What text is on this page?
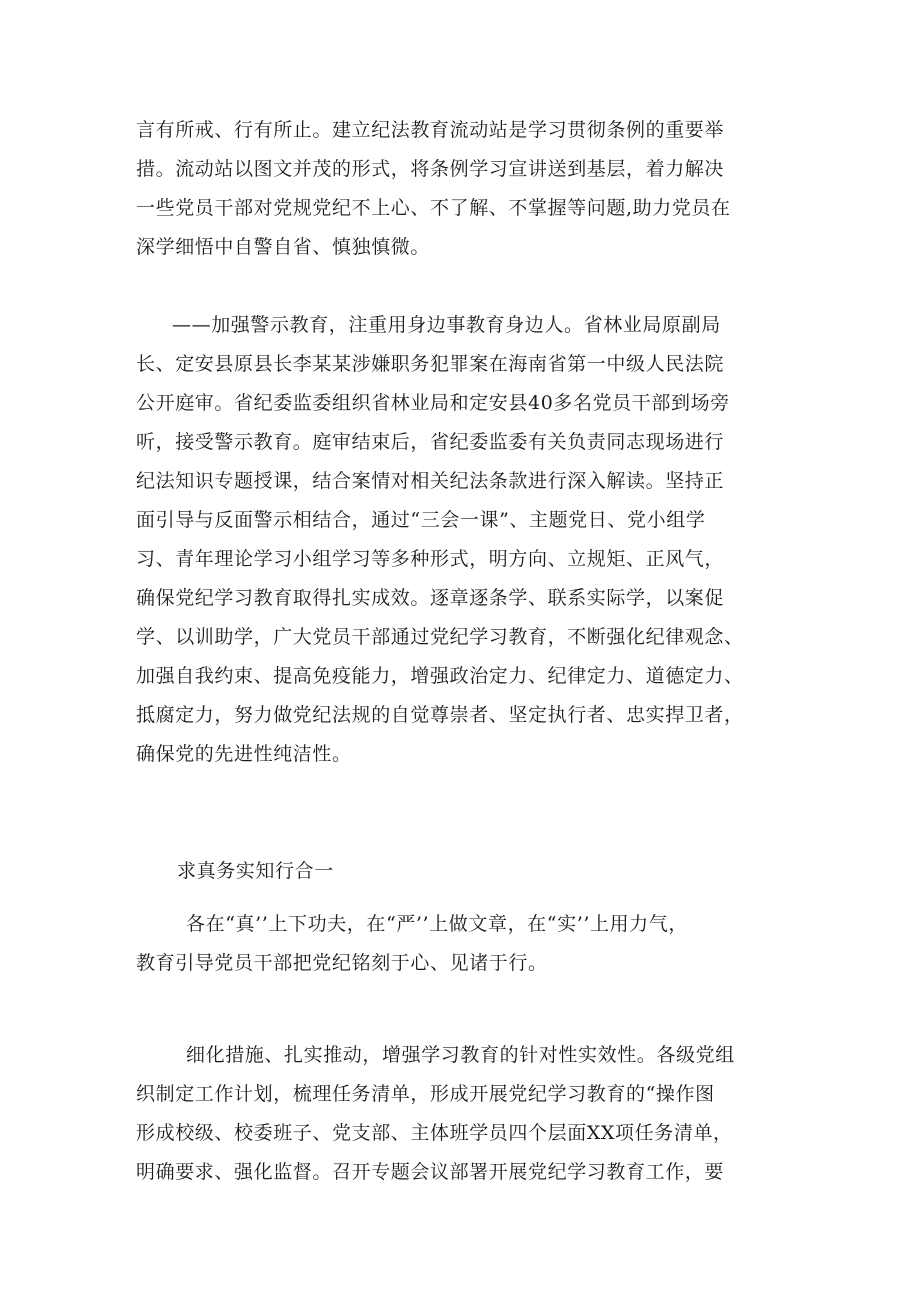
言有所戒、行有所止。建立纪法教育流动站是学习贯彻条例的重要举
措。流动站以图文并茂的形式，将条例学习宣讲送到基层，着力解决
一些党员干部对党规党纪不上心、不了解、不掌握等问题,助力党员在
深学细悟中自警自省、慎独慎微。
——加强警示教育，注重用身边事教育身边人。省林业局原副局
长、定安县原县长李某某涉嫌职务犯罪案在海南省第一中级人民法院
公开庭审。省纪委监委组织省林业局和定安县40多名党员干部到场旁
听，接受警示教育。庭审结束后，省纪委监委有关负责同志现场进行
纪法知识专题授课，结合案情对相关纪法条款进行深入解读。坚持正
面引导与反面警示相结合，通过“三会一课”、主题党日、党小组学
习、青年理论学习小组学习等多种形式，明方向、立规矩、正风气，
确保党纪学习教育取得扎实成效。逐章逐条学、联系实际学，以案促
学、以训助学，广大党员干部通过党纪学习教育，不断强化纪律观念、
加强自我约束、提高免疫能力，增强政治定力、纪律定力、道德定力、
抵腐定力，努力做党纪法规的自觉尊崇者、坚定执行者、忠实捍卫者，
确保党的先进性纯洁性。
求真务实知行合一
各在“真’’上下功夫，在“严’’上做文章，在“实’’上用力气，
教育引导党员干部把党纪铭刻于心、见诸于行。
细化措施、扎实推动，增强学习教育的针对性实效性。各级党组
织制定工作计划，梳理任务清单，形成开展党纪学习教育的“操作图
形成校级、校委班子、党支部、主体班学员四个层面XX项任务清单，
明确要求、强化监督。召开专题会议部署开展党纪学习教育工作，要
